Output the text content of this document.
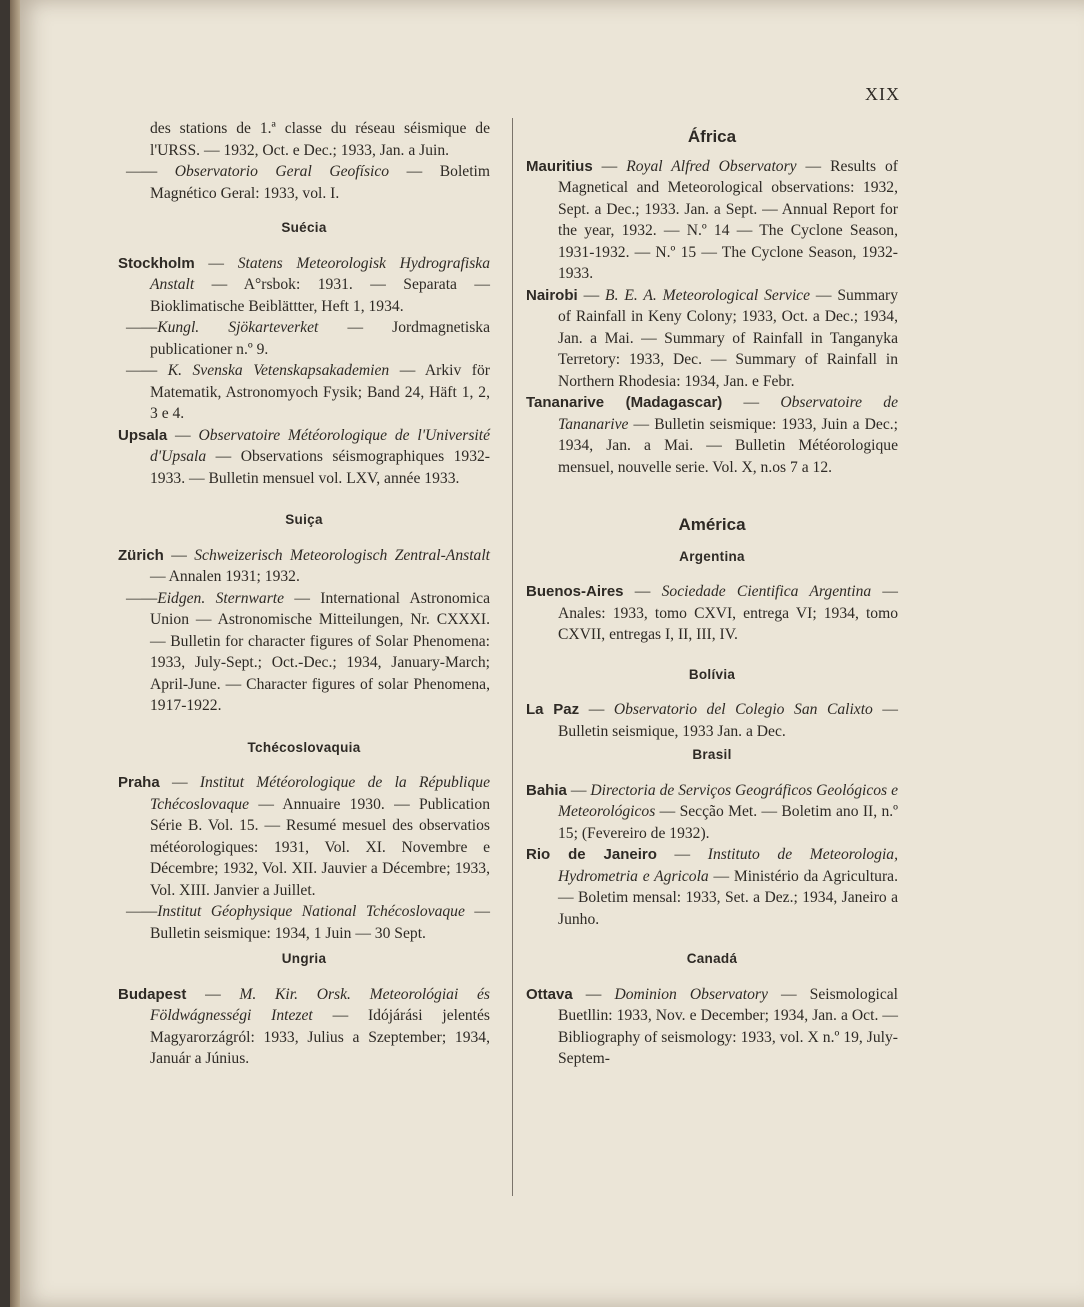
XIX

des stations de 1.ª classe du réseau séismique de l'URSS. — 1932, Oct. e Dec.; 1933, Jan. a Juin.

—— Observatorio Geral Geofísico — Boletim Magnético Geral: 1933, vol. I.

Suécia

Stockholm — Statens Meteorologisk Hydrografiska Anstalt — A°rsbok: 1931. — Separata — Bioklimatische Beiblättter, Heft 1, 1934.

——Kungl. Sjökarteverket — Jordmagnetiska publicationer n.º 9.

—— K. Svenska Vetenskapsakademien — Arkiv för Matematik, Astronomyoch Fysik; Band 24, Häft 1, 2, 3 e 4.

Upsala — Observatoire Météorologique de l'Université d'Upsala — Observations séismographiques 1932-1933. — Bulletin mensuel vol. LXV, année 1933.

Suiça

Zürich — Schweizerisch Meteorologisch Zentral-Anstalt — Annalen 1931; 1932.

——Eidgen. Sternwarte — International Astronomica Union — Astronomische Mitteilungen, Nr. CXXXI. — Bulletin for character figures of Solar Phenomena: 1933, July-Sept.; Oct.-Dec.; 1934, January-March; April-June. — Character figures of solar Phenomena, 1917-1922.

Tchécoslovaquia

Praha — Institut Météorologique de la République Tchécoslovaque — Annuaire 1930. — Publication Série B. Vol. 15. — Resumé mesuel des observatios météorologiques: 1931, Vol. XI. Novembre e Décembre; 1932, Vol. XII. Jauvier a Décembre; 1933, Vol. XIII. Janvier a Juillet.

——Institut Géophysique National Tchécoslovaque — Bulletin seismique: 1934, 1 Juin — 30 Sept.

Ungria

Budapest — M. Kir. Orsk. Meteorológiai és Földwágnességi Intezet — Idójárási jelentés Magyarorzágról: 1933, Julius a Szeptember; 1934, Január a Június.

África

Mauritius — Royal Alfred Observatory — Results of Magnetical and Meteorological observations: 1932, Sept. a Dec.; 1933. Jan. a Sept. — Annual Report for the year, 1932. — N.º 14 — The Cyclone Season, 1931-1932. — N.º 15 — The Cyclone Season, 1932-1933.

Nairobi — B. E. A. Meteorological Service — Summary of Rainfall in Keny Colony; 1933, Oct. a Dec.; 1934, Jan. a Mai. — Summary of Rainfall in Tanganyka Terretory: 1933, Dec. — Summary of Rainfall in Northern Rhodesia: 1934, Jan. e Febr.

Tananarive (Madagascar) — Observatoire de Tananarive — Bulletin seismique: 1933, Juin a Dec.; 1934, Jan. a Mai. — Bulletin Météorologique mensuel, nouvelle serie. Vol. X, n.os 7 a 12.

América

Argentina

Buenos-Aires — Sociedade Cientifica Argentina — Anales: 1933, tomo CXVI, entrega VI; 1934, tomo CXVII, entregas I, II, III, IV.

Bolívia

La Paz — Observatorio del Colegio San Calixto — Bulletin seismique, 1933 Jan. a Dec.

Brasil

Bahia — Directoria de Serviços Geográficos Geológicos e Meteorológicos — Secção Met. — Boletim ano II, n.º 15; (Fevereiro de 1932).

Rio de Janeiro — Instituto de Meteorologia, Hydrometria e Agricola — Ministério da Agricultura. — Boletim mensal: 1933, Set. a Dez.; 1934, Janeiro a Junho.

Canadá

Ottava — Dominion Observatory — Seismological Buetllin: 1933, Nov. e December; 1934, Jan. a Oct. — Bibliography of seismology: 1933, vol. X n.º 19, July-Septem-
